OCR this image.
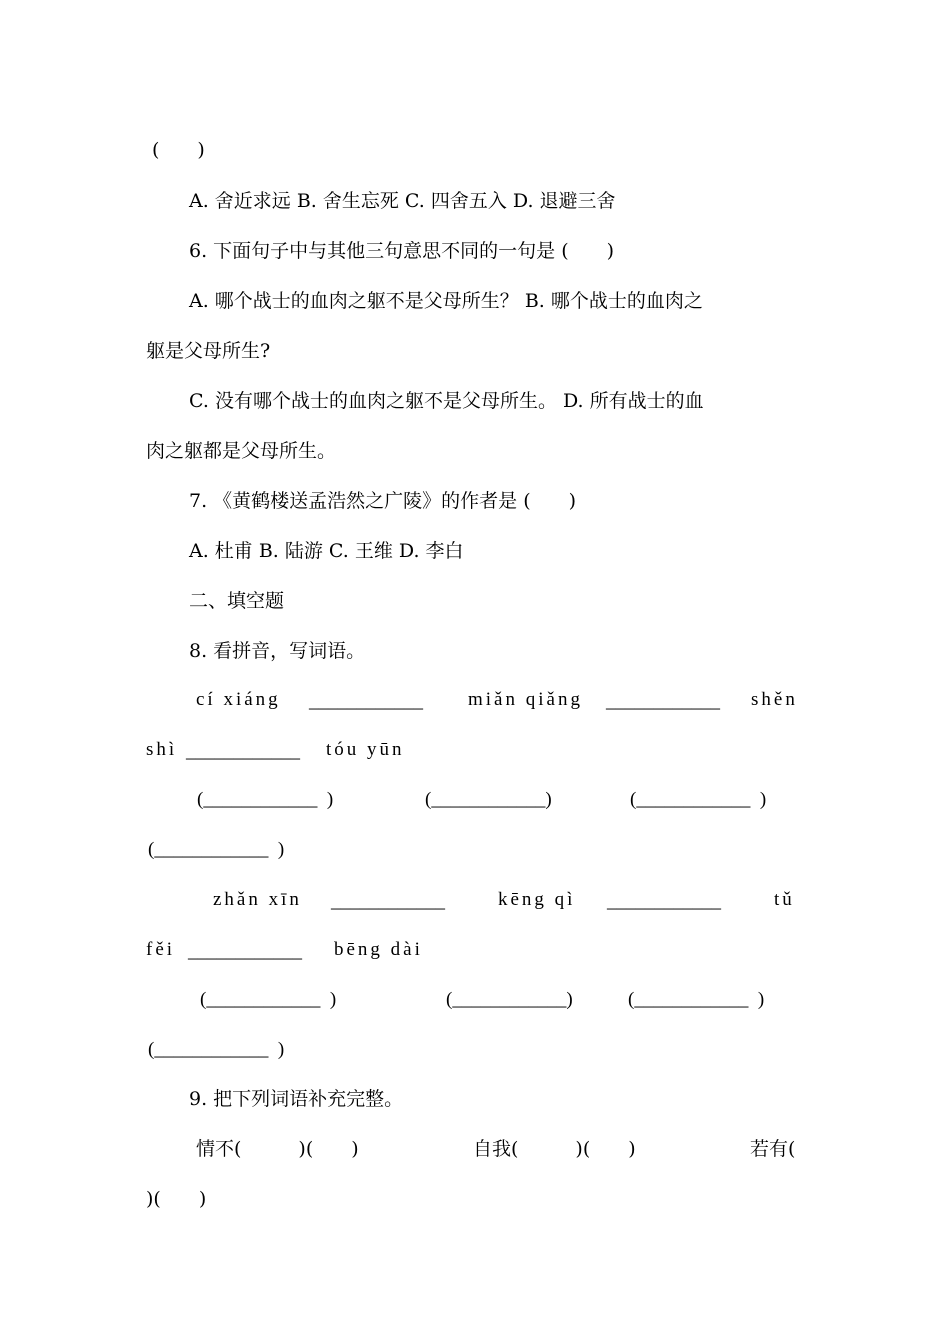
(　　)
A. 舍近求远 B. 舍生忘死 C. 四舍五入 D. 退避三舍
6. 下面句子中与其他三句意思不同的一句是 (　　)
A. 哪个战士的血肉之躯不是父母所生？ B. 哪个战士的血肉之
躯是父母所生?
C. 没有哪个战士的血肉之躯不是父母所生。 D. 所有战士的血
肉之躯都是父母所生。
7. 《黄鹤楼送孟浩然之广陵》的作者是 (　　)
A. 杜甫 B. 陆游 C. 王维 D. 李白
二、填空题
8. 看拼音，写词语。
cí xiáng ____________ miǎn qiǎng ____________ shěn
shì ____________ tóu yūn
(____________  )	(____________)	(____________  )
(____________  )
zhǎn xīn ____________	kēng qì ____________	tǔ
fěi ____________ bēng dài
(____________  )	(____________)	(____________  )
(____________  )
9. 把下列词语补充完整。
情不(　　　)(　　)	自我(　　　)(　　)	若有(
)(　　)
